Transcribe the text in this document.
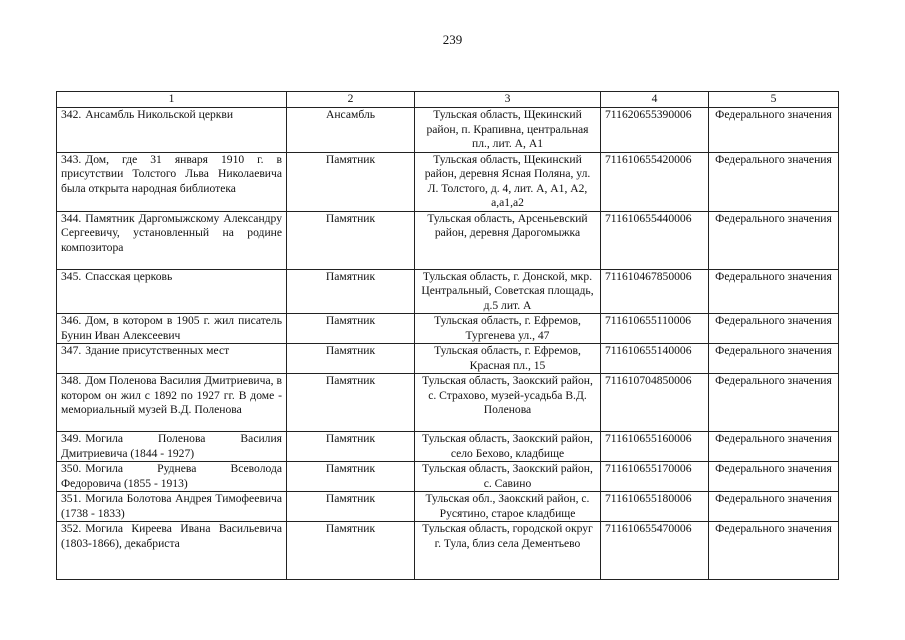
239
1	2	3	4	5
342. Ансамбль Никольской церкви	Ансамбль	Тульская область, Щекинский район, п. Крапивна, центральная пл., лит. А, А1	711620655390006	Федерального значения
343. Дом, где 31 января 1910 г. в присутствии Толстого Льва Николаевича была открыта народная библиотека	Памятник	Тульская область, Щекинский район, деревня Ясная Поляна, ул. Л. Толстого, д. 4, лит. А, А1, А2, а,а1,а2	711610655420006	Федерального значения
344. Памятник Даргомыжскому Александру Сергеевичу, установленный на родине композитора	Памятник	Тульская область, Арсеньевский район, деревня Дарогомыжка	711610655440006	Федерального значения
345. Спасская церковь	Памятник	Тульская область, г. Донской, мкр. Центральный, Советская площадь, д.5 лит. А	711610467850006	Федерального значения
346. Дом, в котором в 1905 г. жил писатель Бунин Иван Алексеевич	Памятник	Тульская область, г. Ефремов, Тургенева ул., 47	711610655110006	Федерального значения
347. Здание присутственных мест	Памятник	Тульская область, г. Ефремов, Красная пл., 15	711610655140006	Федерального значения
348. Дом Поленова Василия Дмитриевича, в котором он жил с 1892 по 1927 гг. В доме - мемориальный музей В.Д. Поленова	Памятник	Тульская область, Заокский район, с. Страхово, музей-усадьба В.Д. Поленова	711610704850006	Федерального значения
349. Могила Поленова Василия Дмитриевича (1844 - 1927)	Памятник	Тульская область, Заокский район, село Бехово, кладбище	711610655160006	Федерального значения
350. Могила Руднева Всеволода Федоровича (1855 - 1913)	Памятник	Тульская область, Заокский район, с. Савино	711610655170006	Федерального значения
351. Могила Болотова Андрея Тимофеевича (1738 - 1833)	Памятник	Тульская обл., Заокский район, с. Русятино, старое кладбище	711610655180006	Федерального значения
352. Могила Киреева Ивана Васильевича (1803-1866), декабриста	Памятник	Тульская область, городской округ г. Тула, близ села Дементьево	711610655470006	Федерального значения
